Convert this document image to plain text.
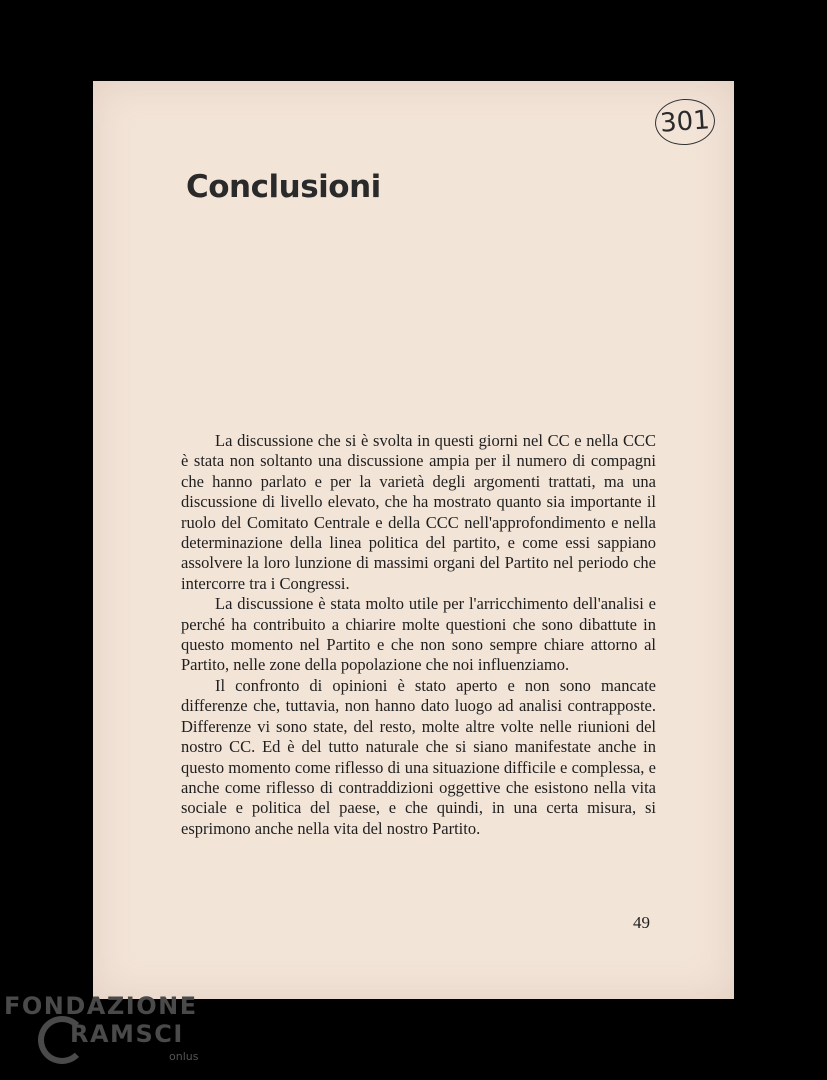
301
Conclusioni

La discussione che si è svolta in questi giorni nel CC e nella CCC è stata non soltanto una discussione ampia per il numero di compagni che hanno parlato e per la varietà degli argomenti trattati, ma una discussione di livello elevato, che ha mostrato quanto sia importante il ruolo del Comitato Centrale e della CCC nell'approfondimento e nella determinazione della linea politica del partito, e come essi sappiano assolvere la loro lunzione di massimi organi del Partito nel periodo che intercorre tra i Congressi.

La discussione è stata molto utile per l'arricchimento dell'analisi e perché ha contribuito a chiarire molte questioni che sono dibattute in questo momento nel Partito e che non sono sempre chiare attorno al Partito, nelle zone della popolazione che noi influenziamo.

Il confronto di opinioni è stato aperto e non sono mancate differenze che, tuttavia, non hanno dato luogo ad analisi contrapposte. Differenze vi sono state, del resto, molte altre volte nelle riunioni del nostro CC. Ed è del tutto naturale che si siano manifestate anche in questo momento come riflesso di una situazione difficile e complessa, e anche come riflesso di contraddizioni oggettive che esistono nella vita sociale e politica del paese, e che quindi, in una certa misura, si esprimono anche nella vita del nostro Partito.

49
FONDAZIONE
RAMSCI
onlus
